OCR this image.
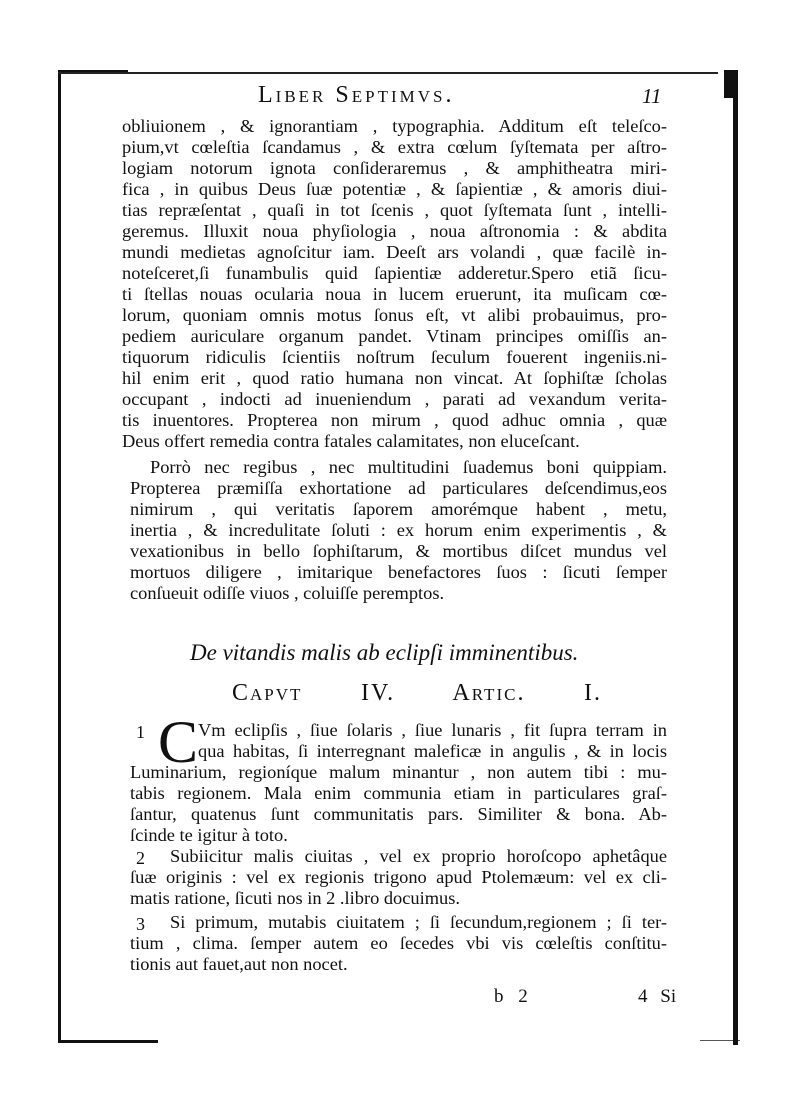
Liber Septimvs.	11
obliuionem , & ignorantiam , typographia. Additum eſt teleſco-
pium,vt cœleſtia ſcandamus , & extra cœlum ſyſtemata per aſtro-
logiam notorum ignota conſideraremus , & amphitheatra miri-
fica , in quibus Deus ſuæ potentiæ , & ſapientiæ , & amoris diui-
tias repræſentat , quaſi in tot ſcenis , quot ſyſtemata ſunt , intelli-
geremus. Illuxit noua phyſiologia , noua aſtronomia : & abdita
mundi medietas agnoſcitur iam. Deeſt ars volandi , quæ facilè in-
noteſceret,ſi funambulis quid ſapientiæ adderetur.Spero etiã ſicu-
ti ſtellas nouas ocularia noua in lucem eruerunt, ita muſicam cœ-
lorum, quoniam omnis motus ſonus eſt, vt alibi probauimus, pro-
pediem auriculare organum pandet. Vtinam principes omiſſis an-
tiquorum ridiculis ſcientiis noſtrum ſeculum fouerent ingeniis.ni-
hil enim erit , quod ratio humana non vincat. At ſophiſtæ ſcholas
occupant , indocti ad inueniendum , parati ad vexandum verita-
tis inuentores. Propterea non mirum , quod adhuc omnia , quæ
Deus offert remedia contra fatales calamitates, non eluceſcant.
Porrò nec regibus , nec multitudini ſuademus boni quippiam.
Propterea præmiſſa exhortatione ad particulares deſcendimus,eos
nimirum , qui veritatis ſaporem amorémque habent , metu,
inertia , & incredulitate ſoluti : ex horum enim experimentis , &
vexationibus in bello ſophiſtarum, & mortibus diſcet mundus vel
mortuos diligere , imitarique benefactores ſuos : ſicuti ſemper
conſueuit odiſſe viuos , coluiſſe peremptos.
De vitandis malis ab eclipſi imminentibus.
Capvt IV. Artic. I.
1 C Vm eclipſis , ſiue ſolaris , ſiue lunaris , fit ſupra terram in
qua habitas, ſi interregnant maleficæ in angulis , & in locis
Luminarium, regioníque malum minantur , non autem tibi : mu-
tabis regionem. Mala enim communia etiam in particulares graſ-
ſantur, quatenus ſunt communitatis pars. Similiter & bona. Ab-
ſcinde te igitur à toto.
2 Subiicitur malis ciuitas , vel ex proprio horoſcopo aphetâque
ſuæ originis : vel ex regionis trigono apud Ptolemæum: vel ex cli-
matis ratione, ſicuti nos in 2 .libro docuimus.
3 Si primum, mutabis ciuitatem ; ſi ſecundum,regionem ; ſi ter-
tium , clima. ſemper autem eo ſecedes vbi vis cœleſtis conſtitu-
tionis aut fauet,aut non nocet.
b 2	4 Si
